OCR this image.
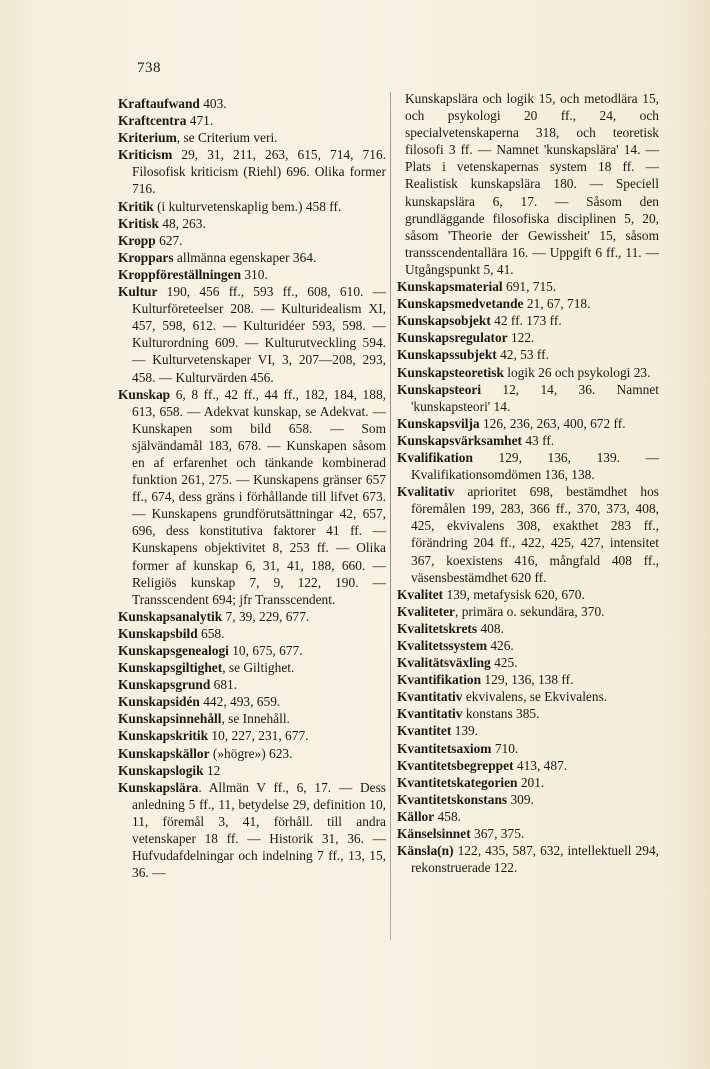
738

Kraftaufwand 403.

Kraftcentra 471.

Kriterium, se Criterium veri.

Kriticism 29, 31, 211, 263, 615, 714, 716. Filosofisk kriticism (Riehl) 696. Olika former 716.

Kritik (i kulturvetenskaplig bem.) 458 ff.

Kritisk 48, 263.

Kropp 627.

Kroppars allmänna egenskaper 364.

Kroppföreställningen 310.

Kultur 190, 456 ff., 593 ff., 608, 610. — Kulturföreteelser 208. — Kulturidealism XI, 457, 598, 612. — Kulturidéer 593, 598. — Kulturordning 609. — Kulturutveckling 594. — Kulturvetenskaper VI, 3, 207—208, 293, 458. — Kulturvärden 456.

Kunskap 6, 8 ff., 42 ff., 44 ff., 182, 184, 188, 613, 658. — Adekvat kunskap, se Adekvat. — Kunskapen som bild 658. — Som självändamål 183, 678. — Kunskapen såsom en af erfarenhet och tänkande kombinerad funktion 261, 275. — Kunskapens gränser 657 ff., 674, dess gräns i förhållande till lifvet 673. — Kunskapens grundförutsättningar 42, 657, 696, dess konstitutiva faktorer 41 ff. — Kunskapens objektivitet 8, 253 ff. — Olika former af kunskap 6, 31, 41, 188, 660. — Religiös kunskap 7, 9, 122, 190. — Transscendent 694; jfr Transscendent.

Kunskapsanalytik 7, 39, 229, 677.

Kunskapsbild 658.

Kunskapsgenealogi 10, 675, 677.

Kunskapsgiltighet, se Giltighet.

Kunskapsgrund 681.

Kunskapsidén 442, 493, 659.

Kunskapsinnehåll, se Innehåll.

Kunskapskritik 10, 227, 231, 677.

Kunskapskällor (»högre») 623.

Kunskapslogik 12

Kunskapslära. Allmän V ff., 6, 17. — Dess anledning 5 ff., 11, betydelse 29, definition 10, 11, föremål 3, 41, förhåll. till andra vetenskaper 18 ff. — Historik 31, 36. — Hufvudafdelningar och indelning 7 ff., 13, 15, 36. —

Kunskapslära och logik 15, och metodlära 15, och psykologi 20 ff., 24, och specialvetenskaperna 318, och teoretisk filosofi 3 ff. — Namnet 'kunskapslära' 14. — Plats i vetenskapernas system 18 ff. — Realistisk kunskapslära 180. — Speciell kunskapslära 6, 17. — Såsom den grundläggande filosofiska disciplinen 5, 20, såsom 'Theorie der Gewissheit' 15, såsom transscendentallära 16. — Uppgift 6 ff., 11. — Utgångspunkt 5, 41.

Kunskapsmaterial 691, 715.

Kunskapsmedvetande 21, 67, 718.

Kunskapsobjekt 42 ff. 173 ff.

Kunskapsregulator 122.

Kunskapssubjekt 42, 53 ff.

Kunskapsteoretisk logik 26 och psykologi 23.

Kunskapsteori 12, 14, 36. Namnet 'kunskapsteori' 14.

Kunskapsvilja 126, 236, 263, 400, 672 ff.

Kunskapsvärksamhet 43 ff.

Kvalifikation 129, 136, 139. — Kvalifikationsomdömen 136, 138.

Kvalitativ aprioritet 698, bestämdhet hos föremålen 199, 283, 366 ff., 370, 373, 408, 425, ekvivalens 308, exakthet 283 ff., förändring 204 ff., 422, 425, 427, intensitet 367, koexistens 416, mångfald 408 ff., väsensbestämdhet 620 ff.

Kvalitet 139, metafysisk 620, 670.

Kvaliteter, primära o. sekundära, 370.

Kvalitetskrets 408.

Kvalitetssystem 426.

Kvalitätsväxling 425.

Kvantifikation 129, 136, 138 ff.

Kvantitativ ekvivalens, se Ekvivalens.

Kvantitativ konstans 385.

Kvantitet 139.

Kvantitetsaxiom 710.

Kvantitetsbegreppet 413, 487.

Kvantitetskategorien 201.

Kvantitetskonstans 309.

Källor 458.

Känselsinnet 367, 375.

Känsla(n) 122, 435, 587, 632, intellektuell 294, rekonstruerade 122.
